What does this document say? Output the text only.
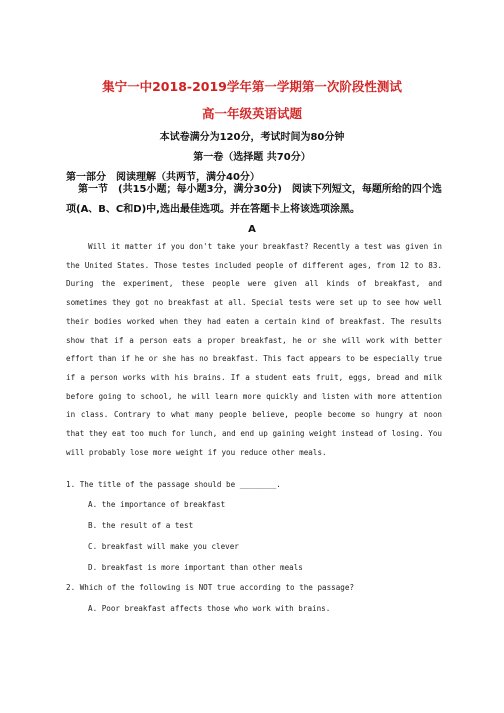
集宁一中2018-2019学年第一学期第一次阶段性测试
高一年级英语试题
本试卷满分为120分，考试时间为80分钟
第一卷（选择题 共70分）
第一部分　阅读理解（共两节，满分40分）
第一节　(共15小题；每小题3分，满分30分)　阅读下列短文，每题所给的四个选项(A、B、C和D)中,选出最佳选项。并在答题卡上将该选项涂黑。
A
Will it matter if you don't take your breakfast? Recently a test was given in the United States. Those testes included people of different ages, from 12 to 83. During the experiment, these people were given all kinds of breakfast, and sometimes they got no breakfast at all. Special tests were set up to see how well their bodies worked when they had eaten a certain kind of breakfast. The results show that if a person eats a proper breakfast, he or she will work with better effort than if he or she has no breakfast. This fact appears to be especially true if a person works with his brains. If a student eats fruit, eggs, bread and milk before going to school, he will learn more quickly and listen with more attention in class. Contrary to what many people believe, people become so hungry at noon that they eat too much for lunch, and end up gaining weight instead of losing. You will probably lose more weight if you reduce other meals.
1. The title of the passage should be ________.
A. the importance of breakfast
B. the result of a test
C. breakfast will make you clever
D. breakfast is more important than other meals
2. Which of the following is NOT true according to the passage?
A. Poor breakfast affects those who work with brains.
